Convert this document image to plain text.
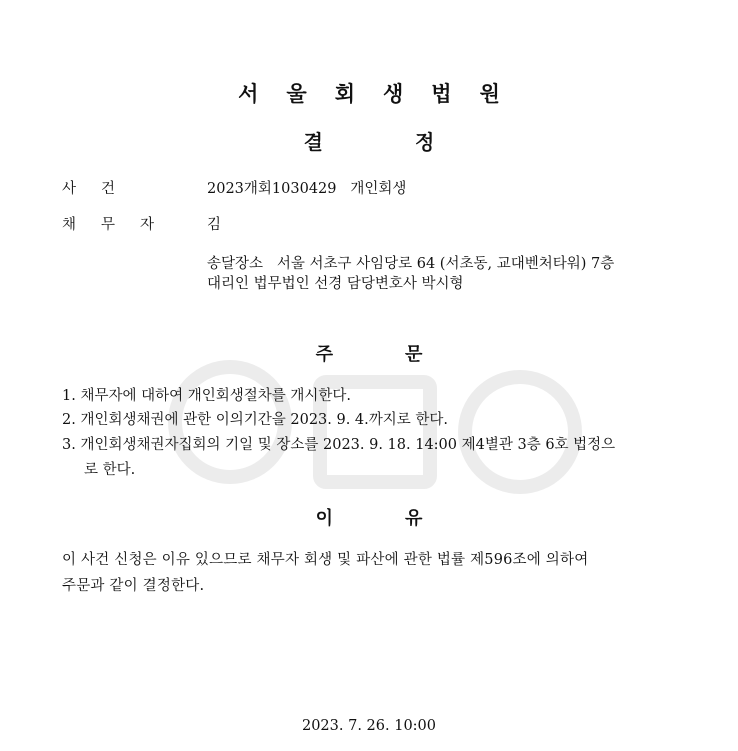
서울회생법원
결정
사건	2023개회1030429 개인회생
채무자 김
송달장소   서울 서초구 사임당로 64 (서초동, 교대벤처타워) 7층
대리인 법무법인 선경 담당변호사 박시형
주문
1. 채무자에 대하여 개인회생절차를 개시한다.
2. 개인회생채권에 관한 이의기간을 2023. 9. 4.까지로 한다.
3. 개인회생채권자집회의 기일 및 장소를 2023. 9. 18. 14:00 제4별관 3층 6호 법정으
로 한다.
이유
이 사건 신청은 이유 있으므로 채무자 회생 및 파산에 관한 법률 제596조에 의하여
주문과 같이 결정한다.
2023. 7. 26. 10:00
